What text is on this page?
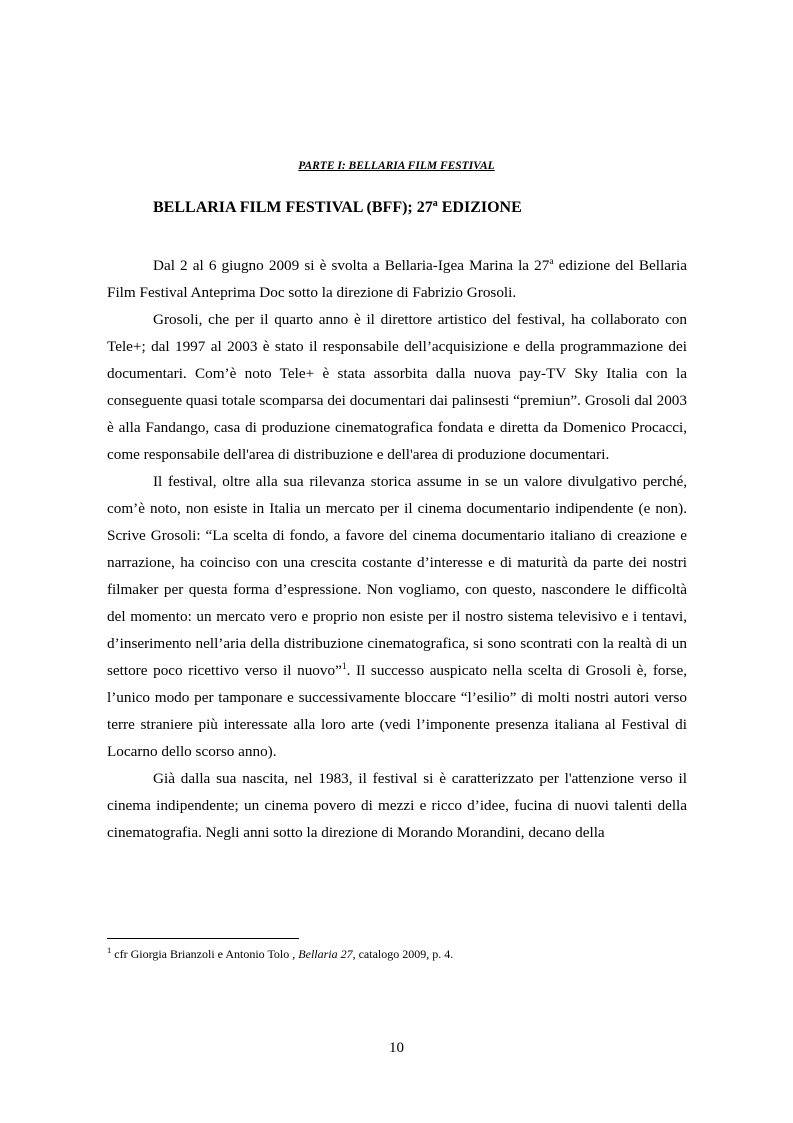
PARTE I: BELLARIA FILM FESTIVAL
BELLARIA FILM FESTIVAL (BFF); 27$^a$ EDIZIONE

Dal 2 al 6 giugno 2009 si è svolta a Bellaria-Igea Marina la 27$^a$ edizione del Bellaria Film Festival Anteprima Doc sotto la direzione di Fabrizio Grosoli.

Grosoli, che per il quarto anno è il direttore artistico del festival, ha collaborato con Tele+; dal 1997 al 2003 è stato il responsabile dell’acquisizione e della programmazione dei documentari. Com’è noto Tele+ è stata assorbita dalla nuova pay-TV Sky Italia con la conseguente quasi totale scomparsa dei documentari dai palinsesti “premiun”. Grosoli dal 2003 è alla Fandango, casa di produzione cinematografica fondata e diretta da Domenico Procacci, come responsabile dell'area di distribuzione e dell'area di produzione documentari.

Il festival, oltre alla sua rilevanza storica assume in se un valore divulgativo perché, com’è noto, non esiste in Italia un mercato per il cinema documentario indipendente (e non). Scrive Grosoli: “La scelta di fondo, a favore del cinema documentario italiano di creazione e narrazione, ha coinciso con una crescita costante d’interesse e di maturità da parte dei nostri filmaker per questa forma d’espressione. Non vogliamo, con questo, nascondere le difficoltà del momento: un mercato vero e proprio non esiste per il nostro sistema televisivo e i tentavi, d’inserimento nell’aria della distribuzione cinematografica, si sono scontrati con la realtà di un settore poco ricettivo verso il nuovo”$^1$. Il successo auspicato nella scelta di Grosoli è, forse, l’unico modo per tamponare e successivamente bloccare “l’esilio” di molti nostri autori verso terre straniere più interessate alla loro arte (vedi l’imponente presenza italiana al Festival di Locarno dello scorso anno).

Già dalla sua nascita, nel 1983, il festival si è caratterizzato per l'attenzione verso il cinema indipendente; un cinema povero di mezzi e ricco d’idee, fucina di nuovi talenti della cinematografia. Negli anni sotto la direzione di Morando Morandini, decano della

$^1$ cfr Giorgia Brianzoli e Antonio Tolo , Bellaria 27, catalogo 2009, p. 4.
10
